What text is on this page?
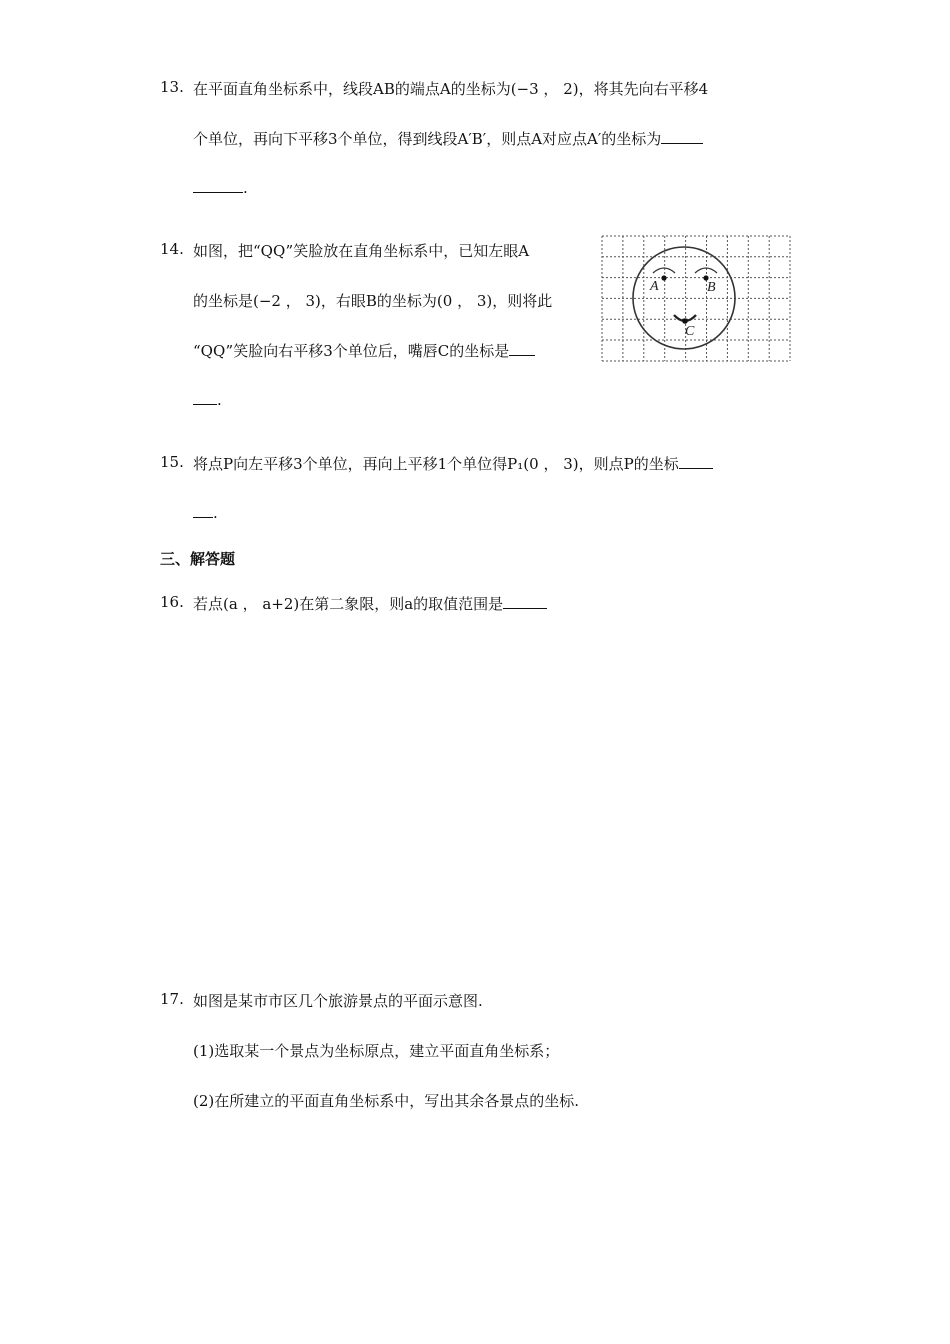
13. 在平面直角坐标系中，线段AB的端点A的坐标为(−3 ， 2)，将其先向右平移4
个单位，再向下平移3个单位，得到线段A′B′，则点A对应点A′的坐标为
.
14. 如图，把“QQ”笑脸放在直角坐标系中，已知左眼A
的坐标是(−2 ， 3)，右眼B的坐标为(0 ， 3)，则将此
“QQ”笑脸向右平移3个单位后，嘴唇C的坐标是
.
A	B
C
15. 将点P向左平移3个单位，再向上平移1个单位得P₁(0 ， 3)，则点P的坐标
.
三、解答题
16. 若点(a ， a+2)在第二象限，则a的取值范围是
17. 如图是某市市区几个旅游景点的平面示意图.
(1)选取某一个景点为坐标原点，建立平面直角坐标系；
(2)在所建立的平面直角坐标系中，写出其余各景点的坐标.
